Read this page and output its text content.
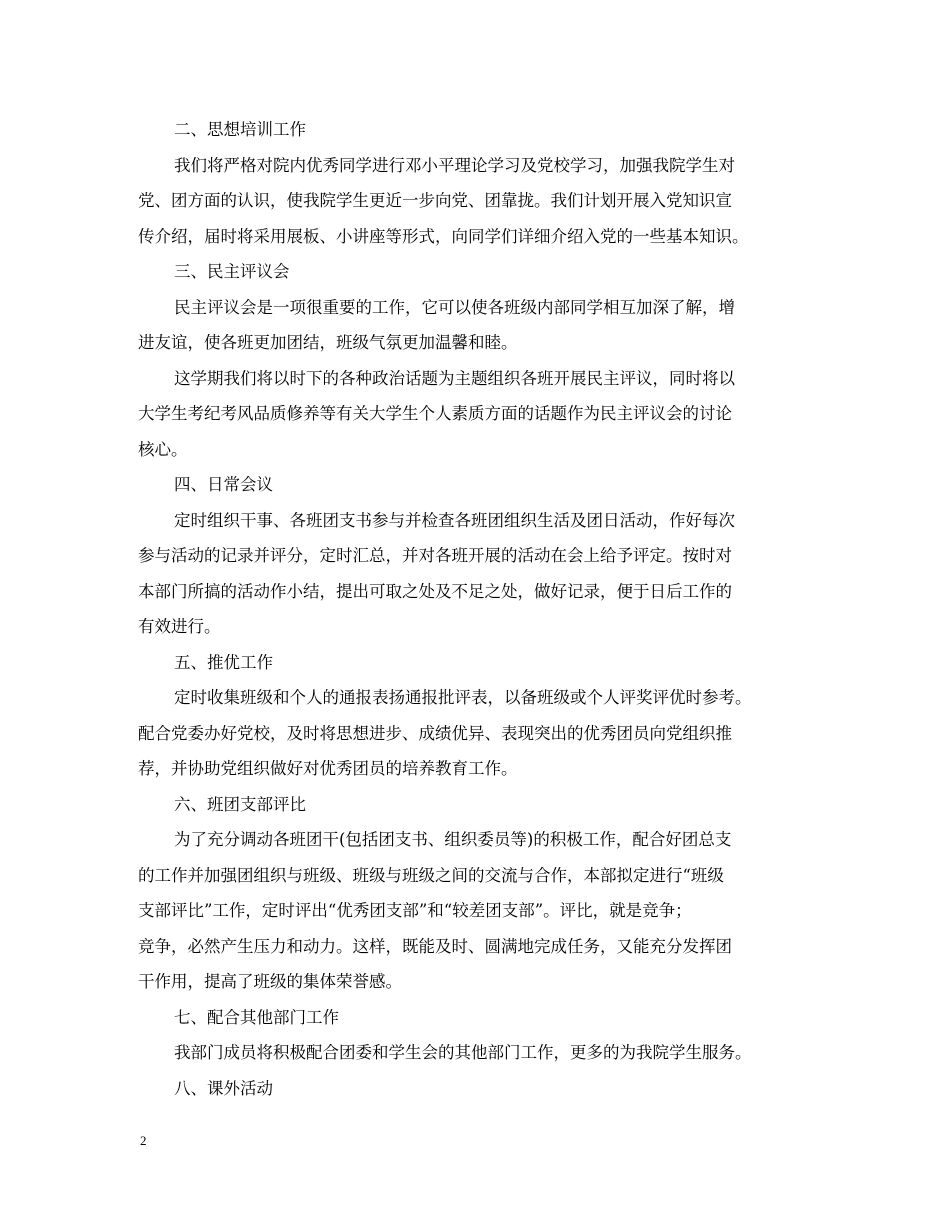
二、思想培训工作
我们将严格对院内优秀同学进行邓小平理论学习及党校学习，加强我院学生对
党、团方面的认识，使我院学生更近一步向党、团靠拢。我们计划开展入党知识宣
传介绍，届时将采用展板、小讲座等形式，向同学们详细介绍入党的一些基本知识。
三、民主评议会
民主评议会是一项很重要的工作，它可以使各班级内部同学相互加深了解，增
进友谊，使各班更加团结，班级气氛更加温馨和睦。
这学期我们将以时下的各种政治话题为主题组织各班开展民主评议，同时将以
大学生考纪考风品质修养等有关大学生个人素质方面的话题作为民主评议会的讨论
核心。
四、日常会议
定时组织干事、各班团支书参与并检查各班团组织生活及团日活动，作好每次
参与活动的记录并评分，定时汇总，并对各班开展的活动在会上给予评定。按时对
本部门所搞的活动作小结，提出可取之处及不足之处，做好记录，便于日后工作的
有效进行。
五、推优工作
定时收集班级和个人的通报表扬通报批评表，以备班级或个人评奖评优时参考。
配合党委办好党校，及时将思想进步、成绩优异、表现突出的优秀团员向党组织推
荐，并协助党组织做好对优秀团员的培养教育工作。
六、班团支部评比
为了充分调动各班团干(包括团支书、组织委员等)的积极工作，配合好团总支
的工作并加强团组织与班级、班级与班级之间的交流与合作，本部拟定进行“班级
支部评比”工作，定时评出“优秀团支部”和“较差团支部”。评比，就是竞争；
竞争，必然产生压力和动力。这样，既能及时、圆满地完成任务，又能充分发挥团
干作用，提高了班级的集体荣誉感。
七、配合其他部门工作
我部门成员将积极配合团委和学生会的其他部门工作，更多的为我院学生服务。
八、课外活动
2
